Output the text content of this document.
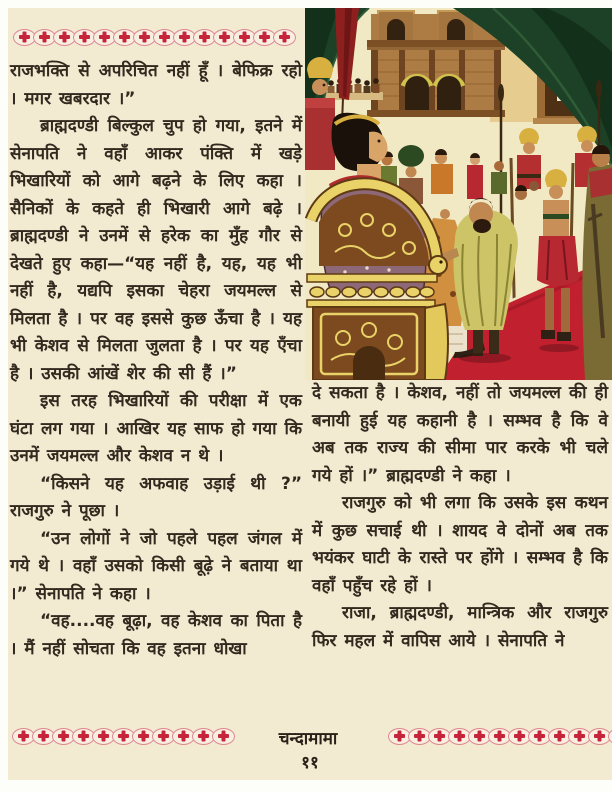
राजभक्ति से अपरिचित नहीं हूँ । बेफिक्र रहो । मगर खबरदार ।”

ब्राह्मदण्डी बिल्कुल चुप हो गया, इतने में सेनापति ने वहाँ आकर पंक्ति में खड़े भिखारियों को आगे बढ़ने के लिए कहा । सैनिकों के कहते ही भिखारी आगे बढ़े । ब्राह्मदण्डी ने उनमें से हरेक का मुँह गौर से देखते हुए कहा—“यह नहीं है, यह, यह भी नहीं है, यद्यपि इसका चेहरा जयमल्ल से मिलता है । पर वह इससे कुछ ऊँचा है । यह भी केशव से मिलता जुलता है । पर यह ऍंचा है । उसकी आंखें शेर की सी हैं ।”

इस तरह भिखारियों की परीक्षा में एक घंटा लग गया । आखिर यह साफ हो गया कि उनमें जयमल्ल और केशव न थे ।

“किसने यह अफवाह उड़ाई थी ?” राजगुरु ने पूछा ।

“उन लोगों ने जो पहले पहल जंगल में गये थे । वहाँ उसको किसी बूढ़े ने बताया था ।” सेनापति ने कहा ।

“वह....वह बूढ़ा, वह केशव का पिता है । मैं नहीं सोचता कि वह इतना धोखा

दे सकता है । केशव, नहीं तो जयमल्ल की ही बनायी हुई यह कहानी है । सम्भव है कि वे अब तक राज्य की सीमा पार करके भी चले गये हों ।” ब्राह्मदण्डी ने कहा ।

राजगुरु को भी लगा कि उसके इस कथन में कुछ सचाई थी । शायद वे दोनों अब तक भयंकर घाटी के रास्ते पर होंगे । सम्भव है कि वहाँ पहुँच रहे हों ।

राजा, ब्राह्मदण्डी, मान्त्रिक और राजगुरु फिर महल में वापिस आये । सेनापति ने

चन्दामामा
११
